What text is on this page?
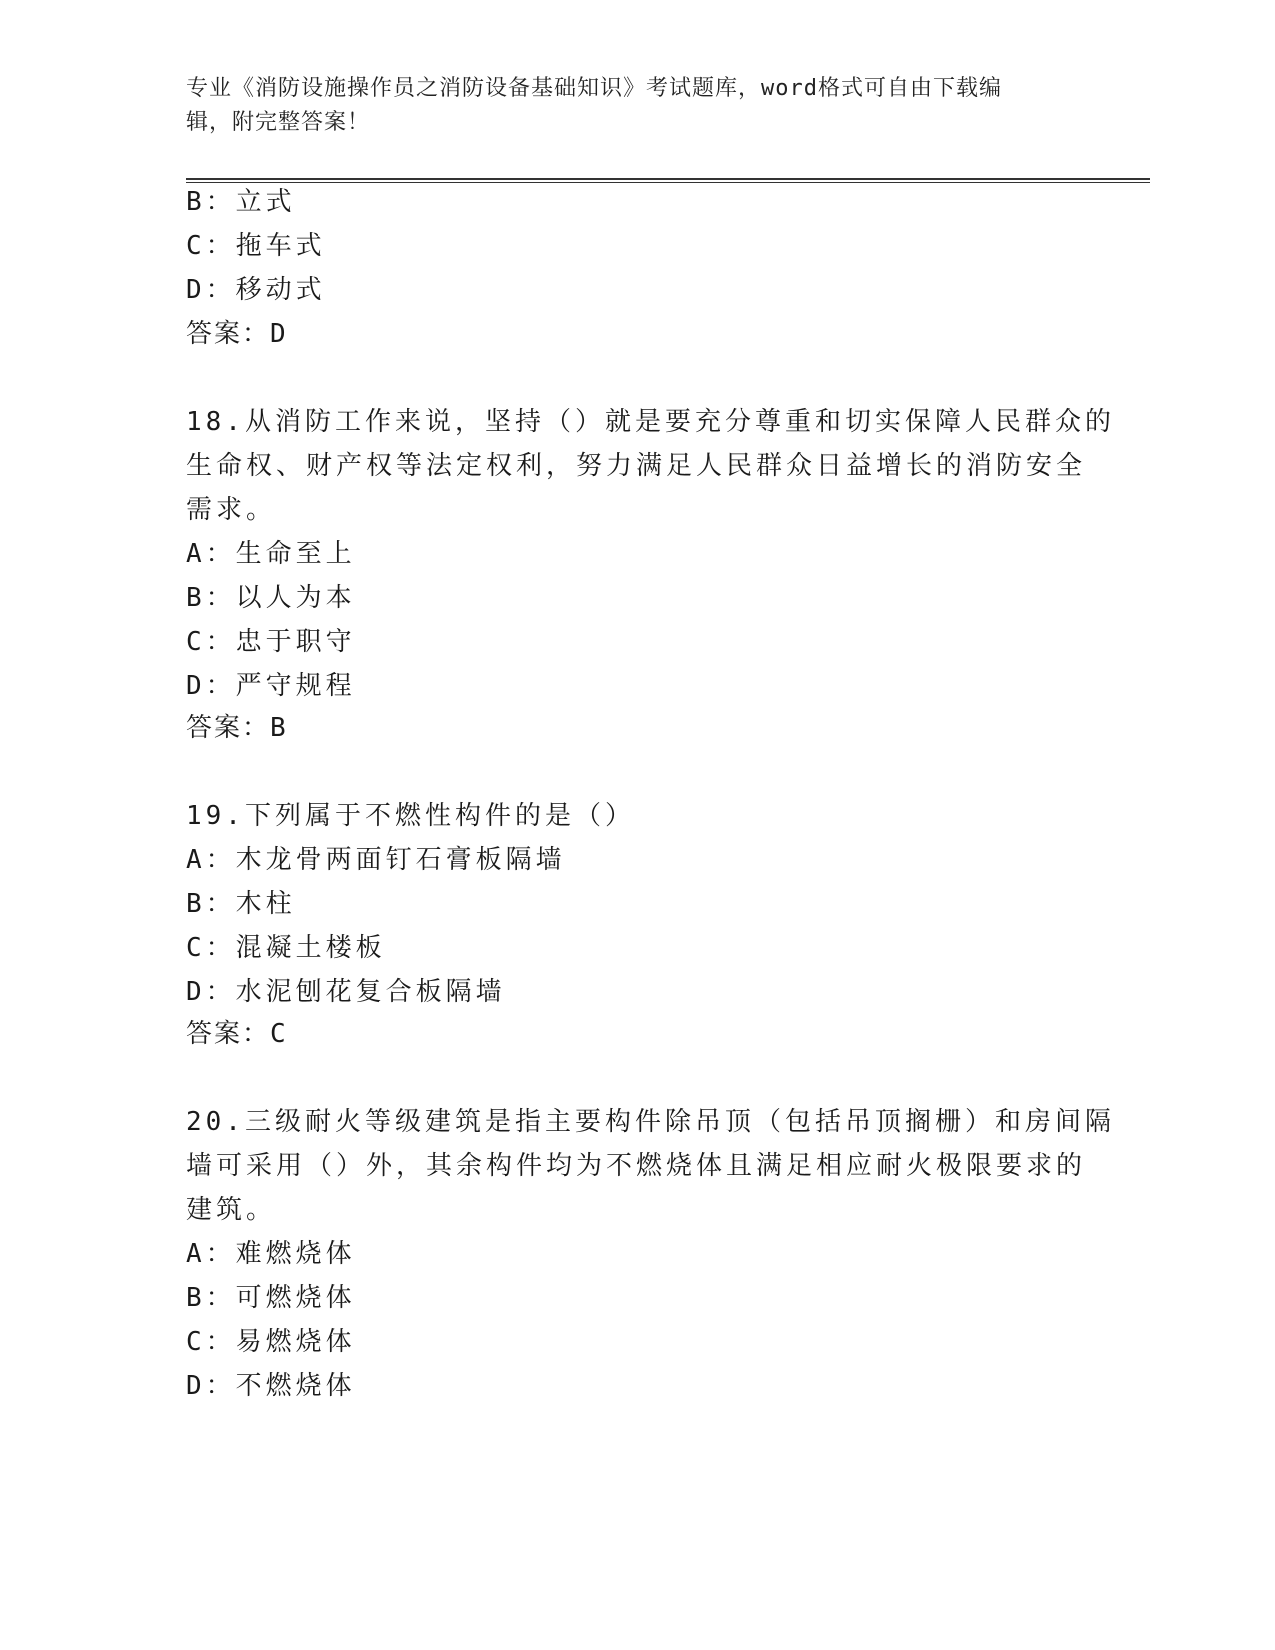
专业《消防设施操作员之消防设备基础知识》考试题库，word格式可自由下载编
辑，附完整答案！
B：立式
C：拖车式
D：移动式
答案：D
18.从消防工作来说，坚持（）就是要充分尊重和切实保障人民群众的
生命权、财产权等法定权利，努力满足人民群众日益增长的消防安全
需求。
A：生命至上
B：以人为本
C：忠于职守
D：严守规程
答案：B
19.下列属于不燃性构件的是（）
A：木龙骨两面钉石膏板隔墙
B：木柱
C：混凝土楼板
D：水泥刨花复合板隔墙
答案：C
20.三级耐火等级建筑是指主要构件除吊顶（包括吊顶搁栅）和房间隔
墙可采用（）外，其余构件均为不燃烧体且满足相应耐火极限要求的
建筑。
A：难燃烧体
B：可燃烧体
C：易燃烧体
D：不燃烧体
